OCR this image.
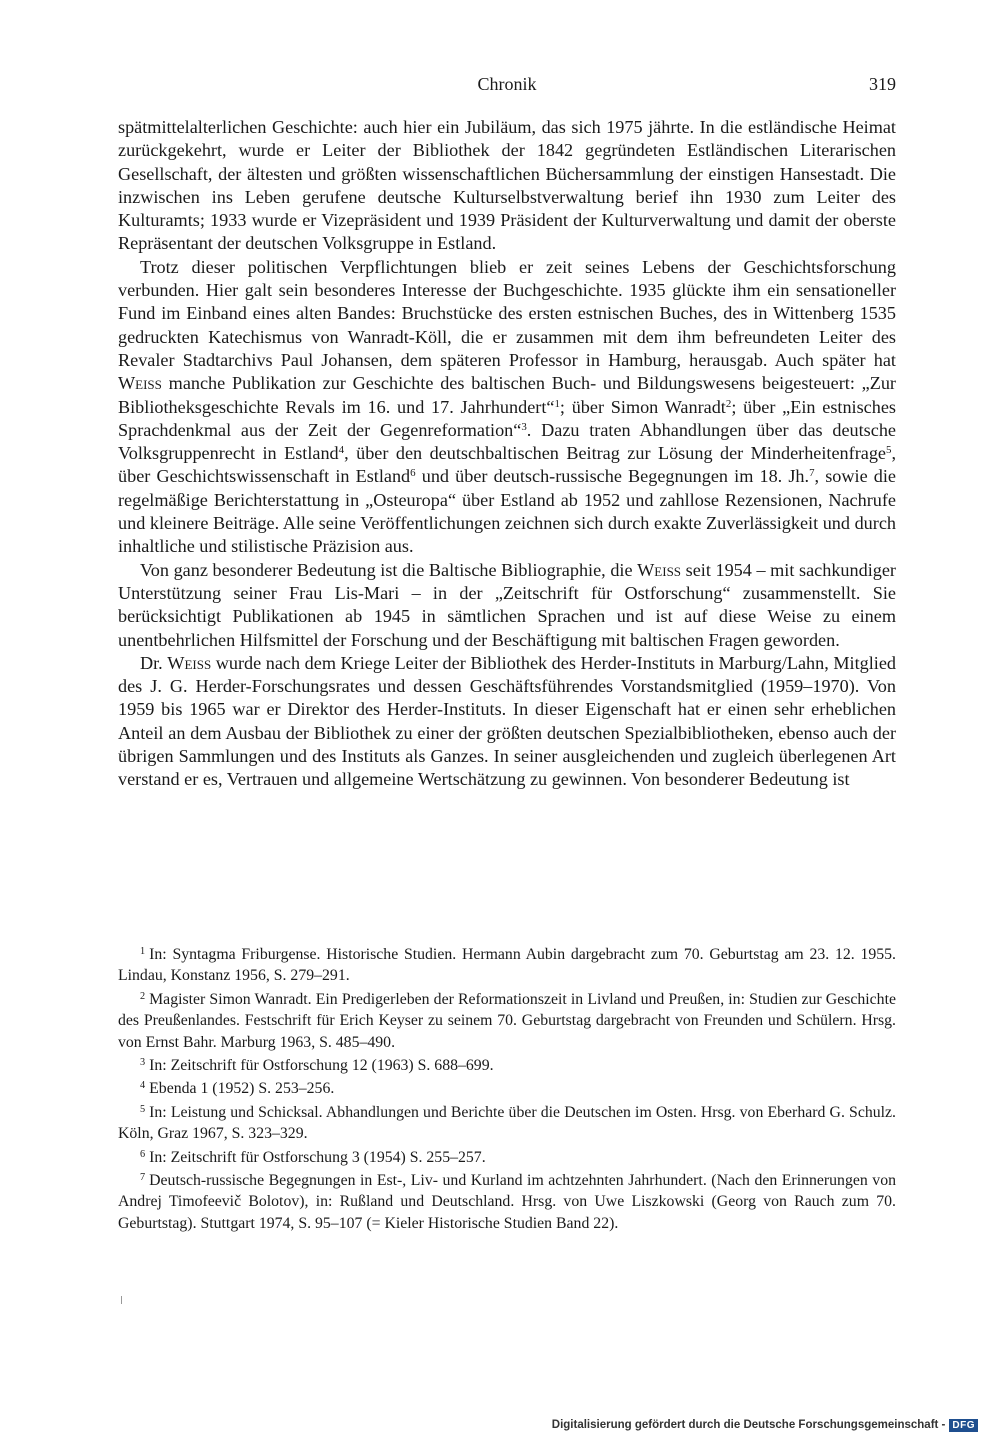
Chronik	319

spätmittelalterlichen Geschichte: auch hier ein Jubiläum, das sich 1975 jährte. In die estländische Heimat zurückgekehrt, wurde er Leiter der Bibliothek der 1842 gegründeten Estländischen Literarischen Gesellschaft, der ältesten und größten wissenschaftlichen Büchersammlung der einstigen Hansestadt. Die inzwischen ins Leben gerufene deutsche Kulturselbstverwaltung berief ihn 1930 zum Leiter des Kulturamts; 1933 wurde er Vizepräsident und 1939 Präsident der Kulturverwaltung und damit der oberste Repräsentant der deutschen Volksgruppe in Estland.

Trotz dieser politischen Verpflichtungen blieb er zeit seines Lebens der Geschichtsforschung verbunden. Hier galt sein besonderes Interesse der Buchgeschichte. 1935 glückte ihm ein sensationeller Fund im Einband eines alten Bandes: Bruchstücke des ersten estnischen Buches, des in Wittenberg 1535 gedruckten Katechismus von Wanradt-Köll, die er zusammen mit dem ihm befreundeten Leiter des Revaler Stadtarchivs Paul Johansen, dem späteren Professor in Hamburg, herausgab. Auch später hat Weiss manche Publikation zur Geschichte des baltischen Buch- und Bildungswesens beigesteuert: „Zur Bibliotheksgeschichte Revals im 16. und 17. Jahrhundert“$^1$; über Simon Wanradt$^2$; über „Ein estnisches Sprachdenkmal aus der Zeit der Gegenreformation“$^3$. Dazu traten Abhandlungen über das deutsche Volksgruppenrecht in Estland$^4$, über den deutschbaltischen Beitrag zur Lösung der Minderheitenfrage$^5$, über Geschichtswissenschaft in Estland$^6$ und über deutsch-russische Begegnungen im 18. Jh.$^7$, sowie die regelmäßige Berichterstattung in „Osteuropa“ über Estland ab 1952 und zahllose Rezensionen, Nachrufe und kleinere Beiträge. Alle seine Veröffentlichungen zeichnen sich durch exakte Zuverlässigkeit und durch inhaltliche und stilistische Präzision aus.

Von ganz besonderer Bedeutung ist die Baltische Bibliographie, die Weiss seit 1954 – mit sachkundiger Unterstützung seiner Frau Lis-Mari – in der „Zeitschrift für Ostforschung“ zusammenstellt. Sie berücksichtigt Publikationen ab 1945 in sämtlichen Sprachen und ist auf diese Weise zu einem unentbehrlichen Hilfsmittel der Forschung und der Beschäftigung mit baltischen Fragen geworden.

Dr. Weiss wurde nach dem Kriege Leiter der Bibliothek des Herder-Instituts in Marburg/Lahn, Mitglied des J. G. Herder-Forschungsrates und dessen Geschäftsführendes Vorstandsmitglied (1959–1970). Von 1959 bis 1965 war er Direktor des Herder-Instituts. In dieser Eigenschaft hat er einen sehr erheblichen Anteil an dem Ausbau der Bibliothek zu einer der größten deutschen Spezialbibliotheken, ebenso auch der übrigen Sammlungen und des Instituts als Ganzes. In seiner ausgleichenden und zugleich überlegenen Art verstand er es, Vertrauen und allgemeine Wertschätzung zu gewinnen. Von besonderer Bedeutung ist

$^1$ In: Syntagma Friburgense. Historische Studien. Hermann Aubin dargebracht zum 70. Geburtstag am 23. 12. 1955. Lindau, Konstanz 1956, S. 279–291.

$^2$ Magister Simon Wanradt. Ein Predigerleben der Reformationszeit in Livland und Preußen, in: Studien zur Geschichte des Preußenlandes. Festschrift für Erich Keyser zu seinem 70. Geburtstag dargebracht von Freunden und Schülern. Hrsg. von Ernst Bahr. Marburg 1963, S. 485–490.

$^3$ In: Zeitschrift für Ostforschung 12 (1963) S. 688–699.

$^4$ Ebenda 1 (1952) S. 253–256.

$^5$ In: Leistung und Schicksal. Abhandlungen und Berichte über die Deutschen im Osten. Hrsg. von Eberhard G. Schulz. Köln, Graz 1967, S. 323–329.

$^6$ In: Zeitschrift für Ostforschung 3 (1954) S. 255–257.

$^7$ Deutsch-russische Begegnungen in Est-, Liv- und Kurland im achtzehnten Jahrhundert. (Nach den Erinnerungen von Andrej Timofeevič Bolotov), in: Rußland und Deutschland. Hrsg. von Uwe Liszkowski (Georg von Rauch zum 70. Geburtstag). Stuttgart 1974, S. 95–107 (= Kieler Historische Studien Band 22).

Digitalisierung gefördert durch die Deutsche Forschungsgemeinschaft - DFG
